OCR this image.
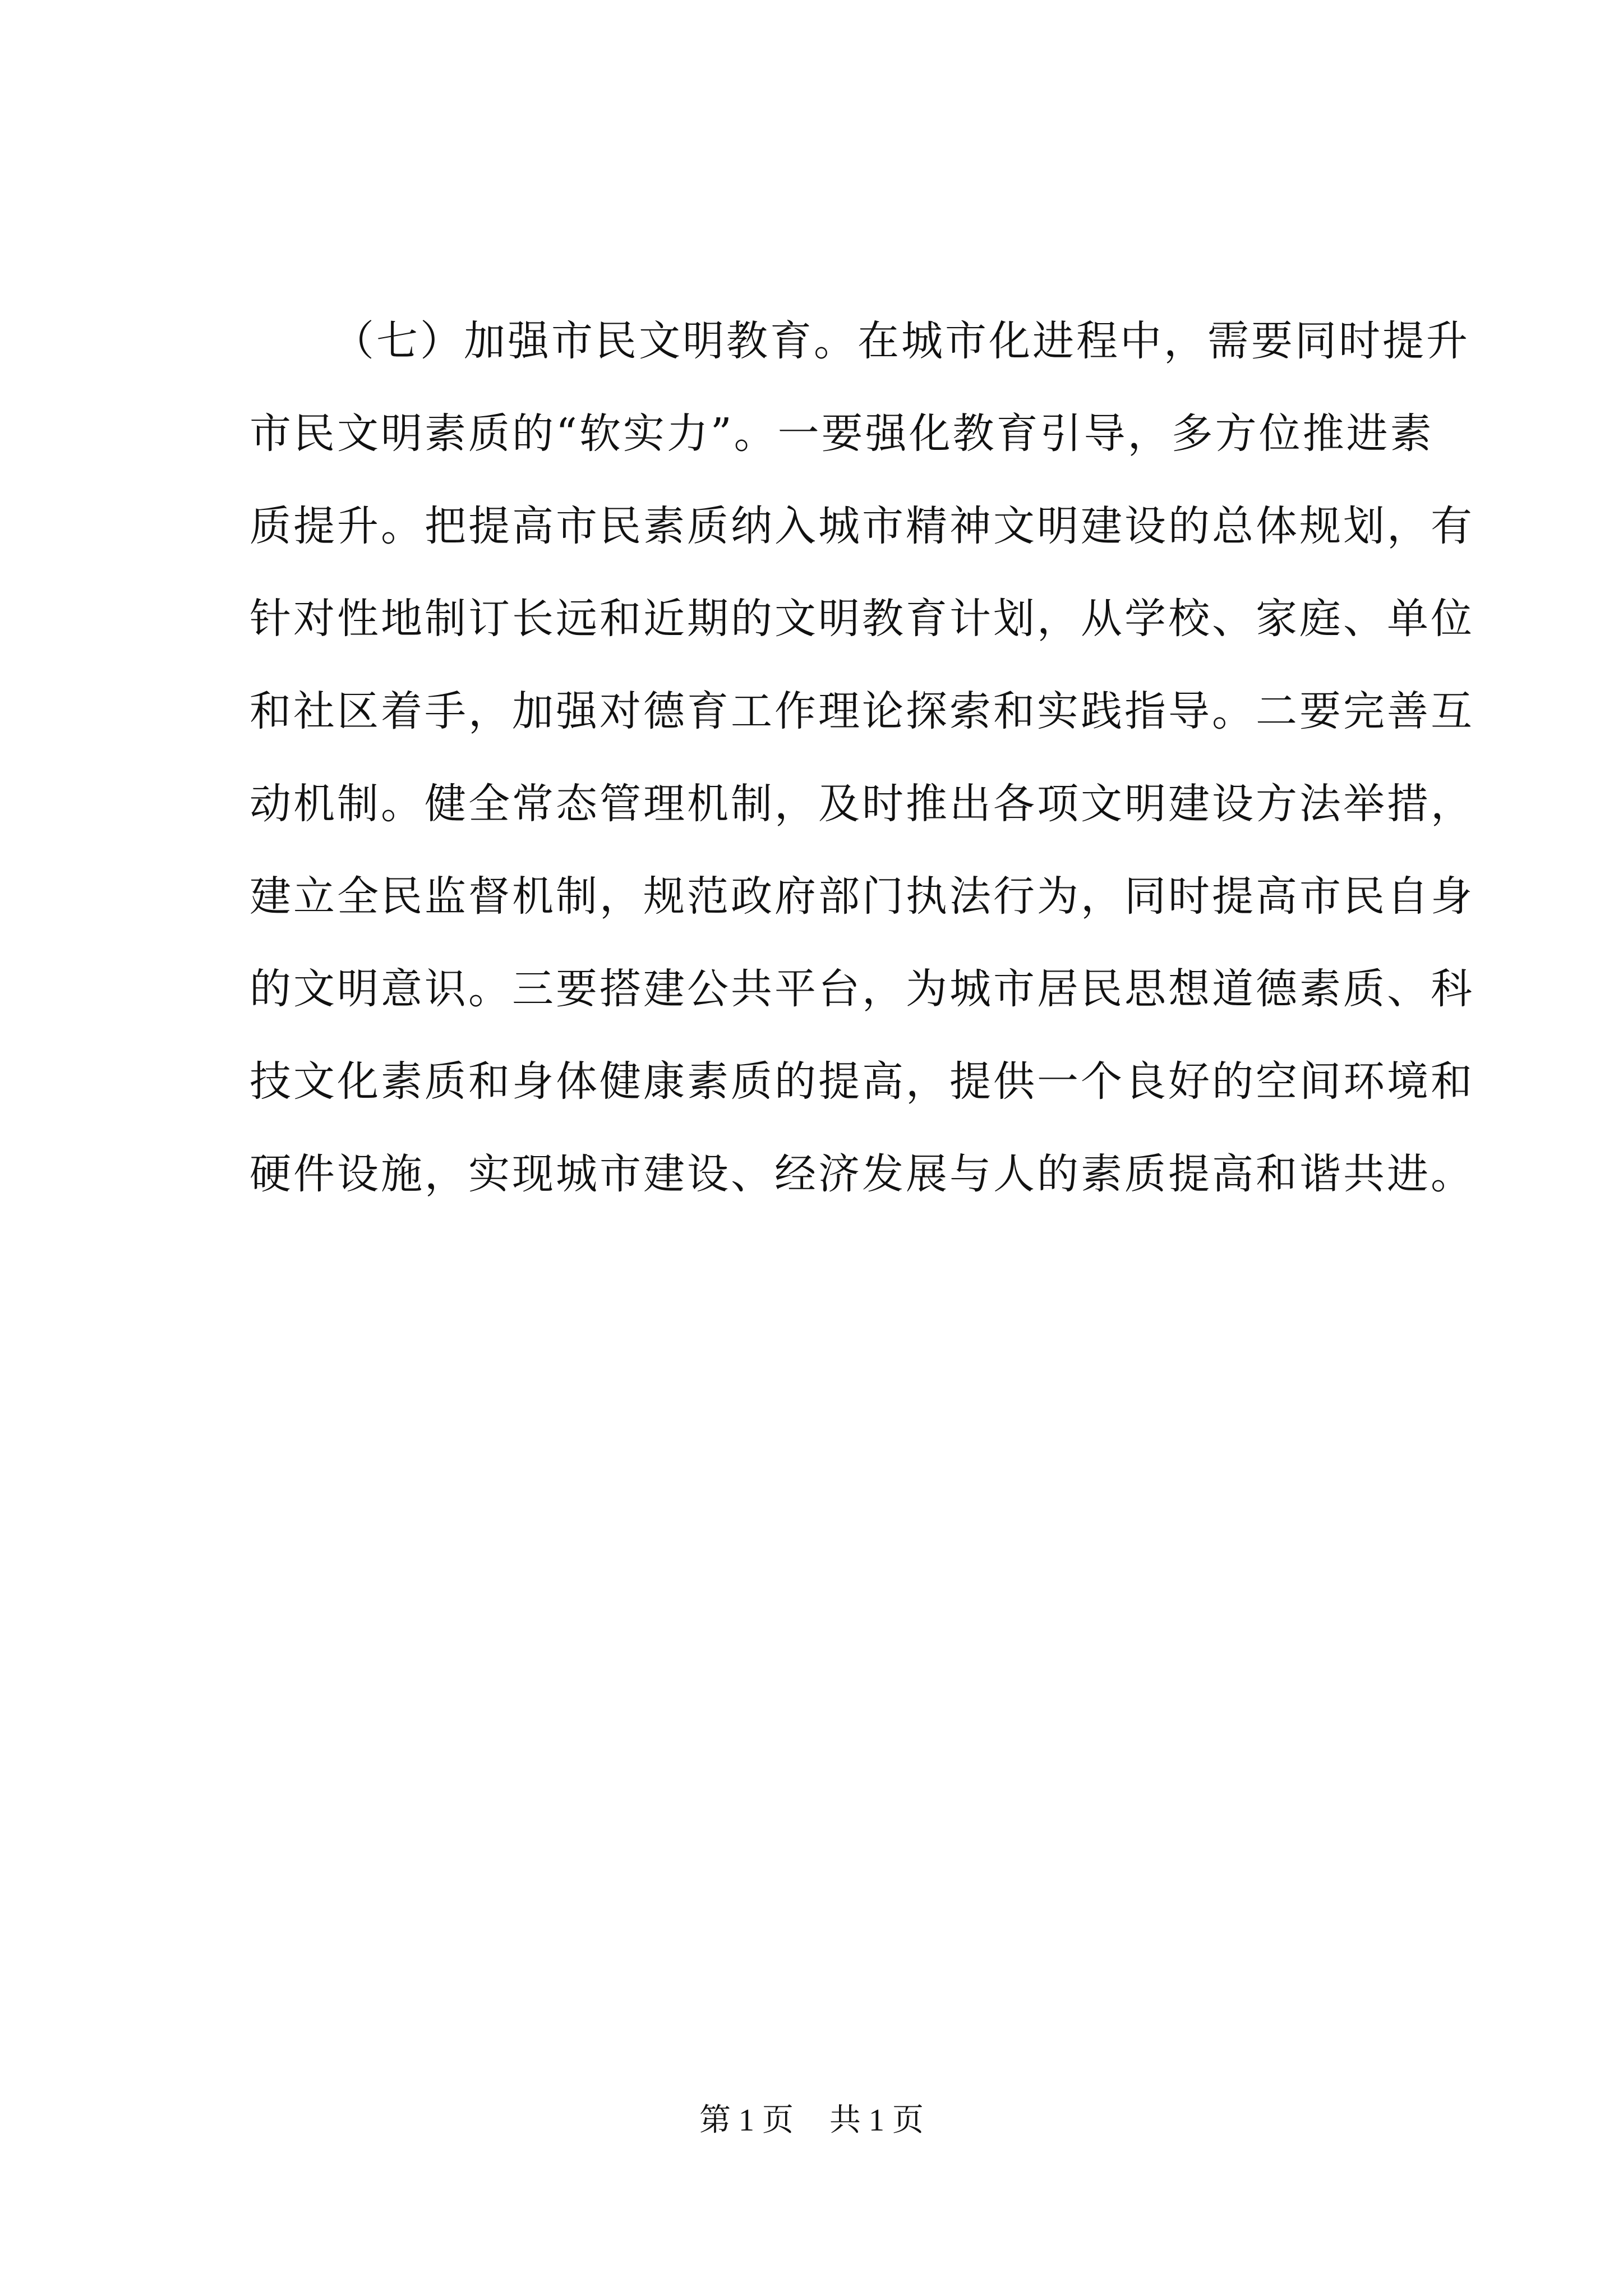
（七）加强市民文明教育。在城市化进程中，需要同时提升
市民文明素质的“软实力”。一要强化教育引导，多方位推进素
质提升。把提高市民素质纳入城市精神文明建设的总体规划，有
针对性地制订长远和近期的文明教育计划，从学校、家庭、单位
和社区着手，加强对德育工作理论探索和实践指导。二要完善互
动机制。健全常态管理机制，及时推出各项文明建设方法举措，
建立全民监督机制，规范政府部门执法行为，同时提高市民自身
的文明意识。三要搭建公共平台，为城市居民思想道德素质、科
技文化素质和身体健康素质的提高，提供一个良好的空间环境和
硬件设施，实现城市建设、经济发展与人的素质提高和谐共进。
第 1 页 共 1 页
